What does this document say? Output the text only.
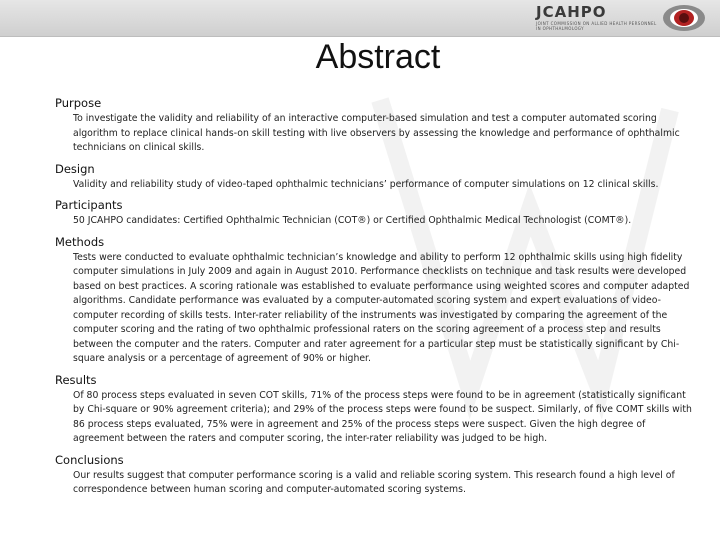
JCAHPO
JOINT COMMISSION ON ALLIED HEALTH PERSONNEL IN OPHTHALMOLOGY
Abstract
Purpose

To investigate the validity and reliability of an interactive computer-based simulation and test a computer automated scoring algorithm to replace clinical hands-on skill testing with live observers by assessing the knowledge and performance of ophthalmic technicians on clinical skills.

Design

Validity and reliability study of video-taped ophthalmic technicians’ performance of computer simulations on 12 clinical skills.

Participants

50 JCAHPO candidates: Certified Ophthalmic Technician (COT®) or Certified Ophthalmic Medical Technologist (COMT®).

Methods

Tests were conducted to evaluate ophthalmic technician’s knowledge and ability to perform 12 ophthalmic skills using high fidelity computer simulations in July 2009 and again in August 2010. Performance checklists on technique and task results were developed based on best practices. A scoring rationale was established to evaluate performance using weighted scores and computer adapted algorithms. Candidate performance was evaluated by a computer-automated scoring system and expert evaluations of video-computer recording of skills tests. Inter-rater reliability of the instruments was investigated by comparing the agreement of the computer scoring and the rating of two ophthalmic professional raters on the scoring agreement of a process step and results between the computer and the raters. Computer and rater agreement for a particular step must be statistically significant by Chi-square analysis or a percentage of agreement of 90% or higher.

Results

Of 80 process steps evaluated in seven COT skills, 71% of the process steps were found to be in agreement (statistically significant by Chi-square or 90% agreement criteria); and 29% of the process steps were found to be suspect. Similarly, of five COMT skills with 86 process steps evaluated, 75% were in agreement and 25% of the process steps were suspect. Given the high degree of agreement between the raters and computer scoring, the inter-rater reliability was judged to be high.

Conclusions

Our results suggest that computer performance scoring is a valid and reliable scoring system. This research found a high level of correspondence between human scoring and computer-automated scoring systems.
